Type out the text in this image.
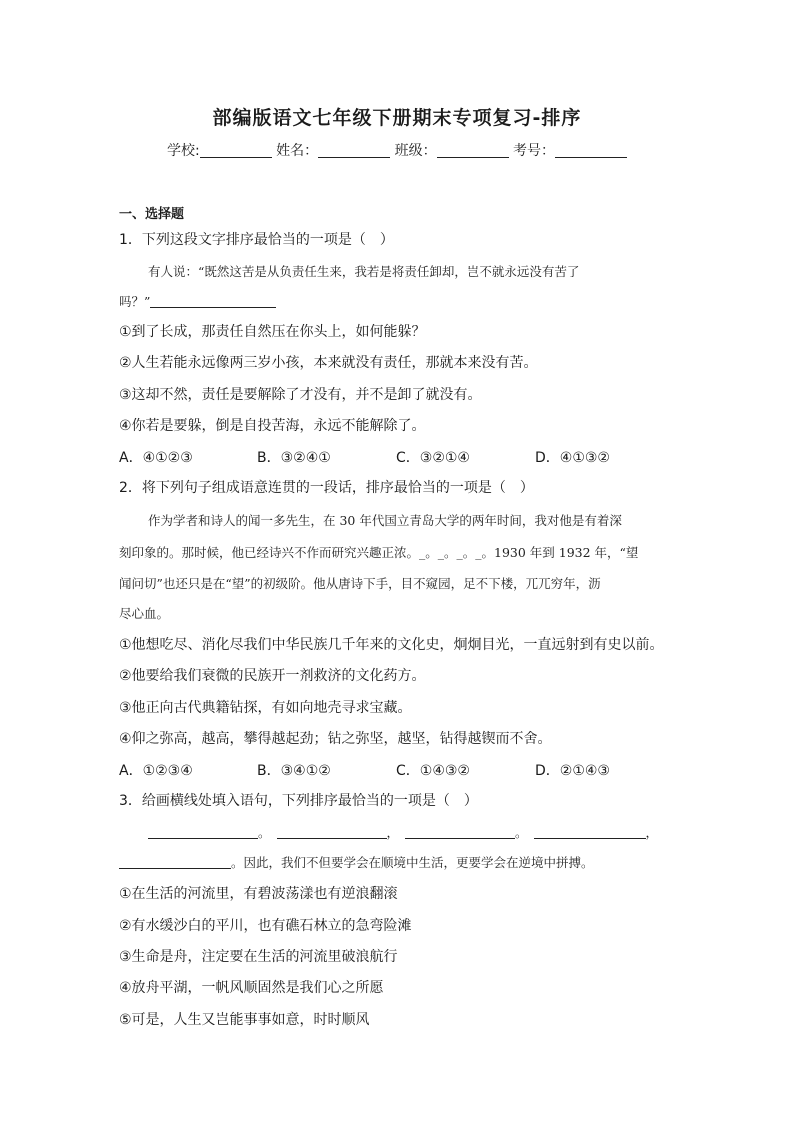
部编版语文七年级下册期末专项复习-排序
学校:	姓名：	班级：	考号：
一、选择题
1．下列这段文字排序最恰当的一项是（　）
有人说：“既然这苦是从负责任生来，我若是将责任卸却，岂不就永远没有苦了
吗？”
①到了长成，那责任自然压在你头上，如何能躲？
②人生若能永远像两三岁小孩，本来就没有责任，那就本来没有苦。
③这却不然，责任是要解除了才没有，并不是卸了就没有。
④你若是要躲，倒是自投苦海，永远不能解除了。
A．④①②③	B．③②④①	C．③②①④	D．④①③②
2．将下列句子组成语意连贯的一段话，排序最恰当的一项是（　）
作为学者和诗人的闻一多先生，在 30 年代国立青岛大学的两年时间，我对他是有着深
刻印象的。那时候，他已经诗兴不作而研究兴趣正浓。_。_。_。_。1930 年到 1932 年，“望
闻问切”也还只是在“望”的初级阶。他从唐诗下手，目不窥园，足不下楼，兀兀穷年，沥
尽心血。
①他想吃尽、消化尽我们中华民族几千年来的文化史，炯炯目光，一直远射到有史以前。
②他要给我们衰微的民族开一剂救济的文化药方。
③他正向古代典籍钻探，有如向地壳寻求宝藏。
④仰之弥高，越高，攀得越起劲；钻之弥坚，越坚，钻得越锲而不舍。
A．①②③④	B．③④①②	C．①④③②	D．②①④③
3．给画横线处填入语句，下列排序最恰当的一项是（　）
。	，	。	，
。因此，我们不但要学会在顺境中生活，更要学会在逆境中拼搏。
①在生活的河流里，有碧波荡漾也有逆浪翻滚
②有水缓沙白的平川，也有礁石林立的急弯险滩
③生命是舟，注定要在生活的河流里破浪航行
④放舟平湖，一帆风顺固然是我们心之所愿
⑤可是，人生又岂能事事如意，时时顺风
